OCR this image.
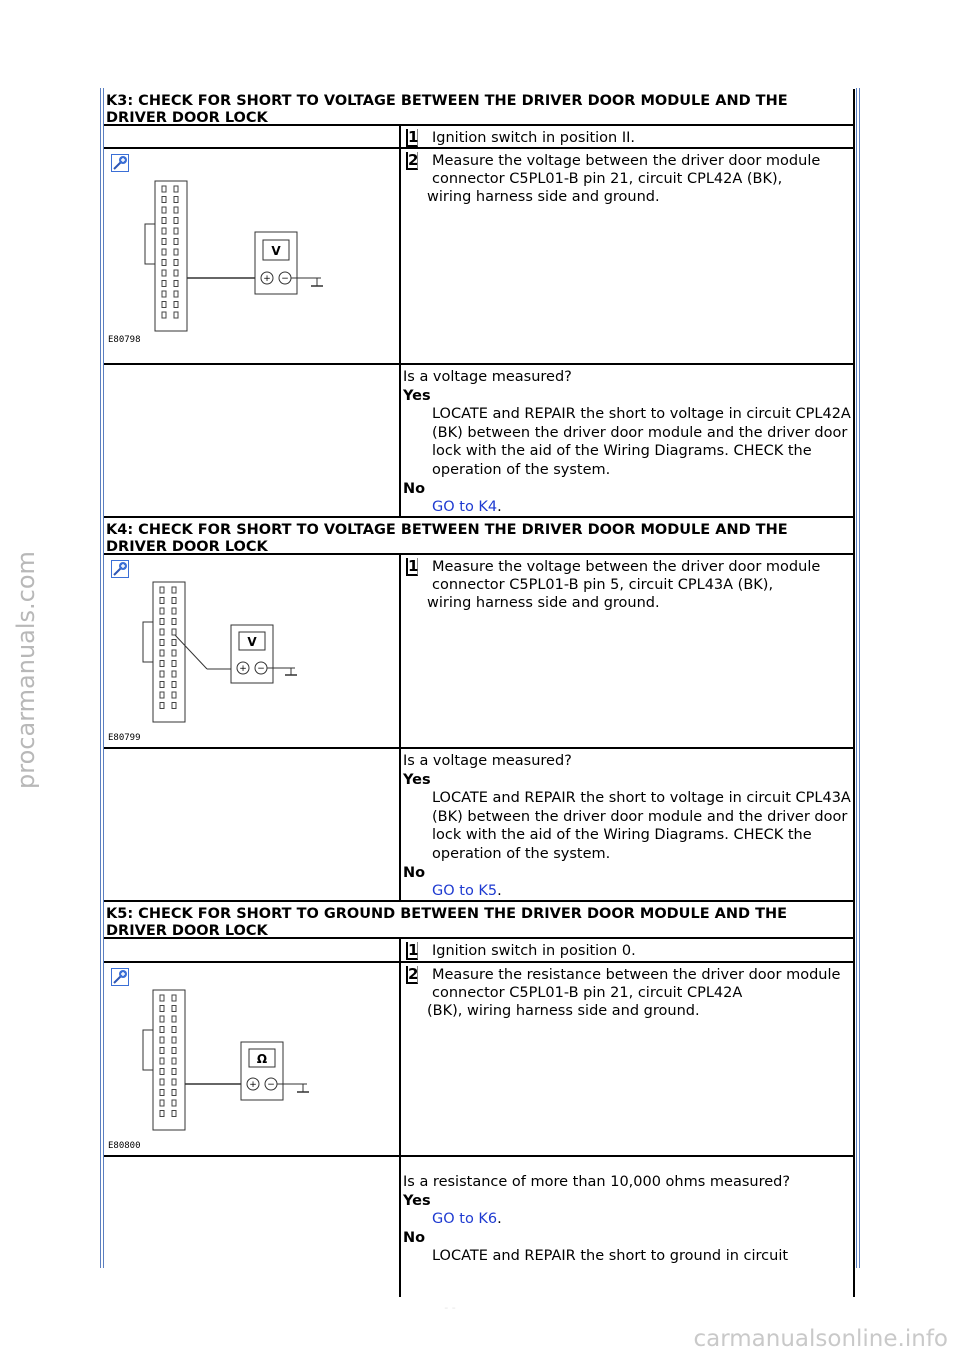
procarmanuals.com
carmanualsonline.info
- -
K3: CHECK FOR SHORT TO VOLTAGE BETWEEN THE DRIVER DOOR MODULE AND THE DRIVER DOOR LOCK
1 Ignition switch in position II.
V
+ −
E80798
2 Measure the voltage between the driver door module connector C5PL01-B pin 21, circuit CPL42A (BK),
wiring harness side and ground.
Is a voltage measured?
Yes
LOCATE and REPAIR the short to voltage in circuit CPL42A (BK) between the driver door module and the driver door lock with the aid of the Wiring Diagrams. CHECK the operation of the system.
No
GO to K4.
K4: CHECK FOR SHORT TO VOLTAGE BETWEEN THE DRIVER DOOR MODULE AND THE DRIVER DOOR LOCK
V
+ −
E80799
1 Measure the voltage between the driver door module connector C5PL01-B pin 5, circuit CPL43A (BK),
wiring harness side and ground.
Is a voltage measured?
Yes
LOCATE and REPAIR the short to voltage in circuit CPL43A (BK) between the driver door module and the driver door lock with the aid of the Wiring Diagrams. CHECK the operation of the system.
No
GO to K5.
K5: CHECK FOR SHORT TO GROUND BETWEEN THE DRIVER DOOR MODULE AND THE DRIVER DOOR LOCK
1 Ignition switch in position 0.
Ω
+ −
E80800
2 Measure the resistance between the driver door module connector C5PL01-B pin 21, circuit CPL42A
(BK), wiring harness side and ground.
Is a resistance of more than 10,000 ohms measured?
Yes
GO to K6.
No
LOCATE and REPAIR the short to ground in circuit
